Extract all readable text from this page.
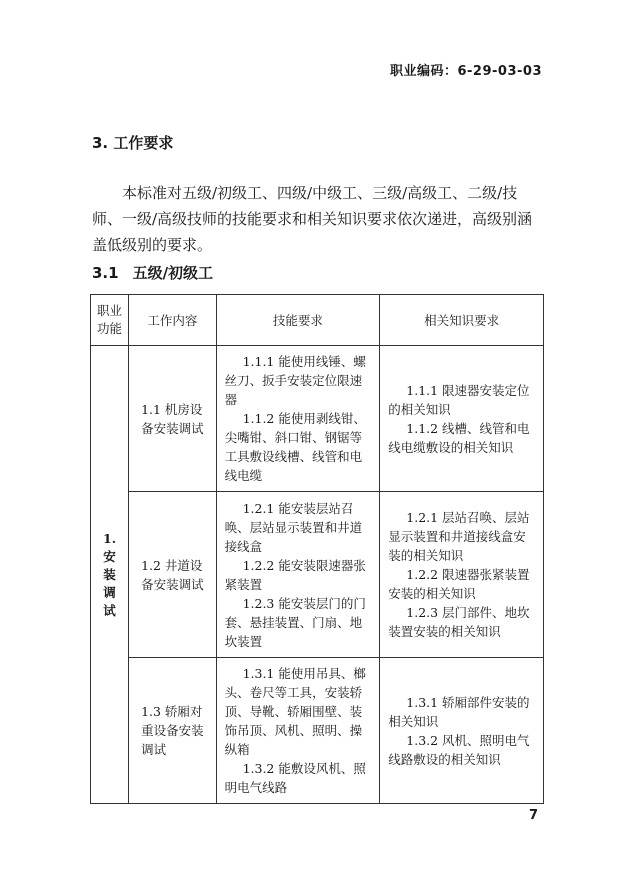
职业编码：6-29-03-03
3. 工作要求
本标准对五级/初级工、四级/中级工、三级/高级工、二级/技师、一级/高级技师的技能要求和相关知识要求依次递进，高级别涵盖低级别的要求。
3.1 五级/初级工
职业功能	工作内容	技能要求	相关知识要求
1. 安装调试	1.1 机房设备安装调试	1.1.1 能使用线锤、螺丝刀、扳手安装定位限速器
1.1.2 能使用剥线钳、尖嘴钳、斜口钳、钢锯等工具敷设线槽、线管和电线电缆	1.1.1 限速器安装定位的相关知识
1.1.2 线槽、线管和电线电缆敷设的相关知识

	1.2 井道设备安装调试	1.2.1 能安装层站召唤、层站显示装置和井道接线盒
1.2.2 能安装限速器张紧装置
1.2.3 能安装层门的门套、悬挂装置、门扇、地坎装置	1.2.1 层站召唤、层站显示装置和井道接线盒安装的相关知识
1.2.2 限速器张紧装置安装的相关知识
1.2.3 层门部件、地坎装置安装的相关知识

	1.3 轿厢对重设备安装调试	1.3.1 能使用吊具、榔头、卷尺等工具，安装轿顶、导靴、轿厢围壁、装饰吊顶、风机、照明、操纵箱
1.3.2 能敷设风机、照明电气线路	1.3.1 轿厢部件安装的相关知识
1.3.2 风机、照明电气线路敷设的相关知识
7
